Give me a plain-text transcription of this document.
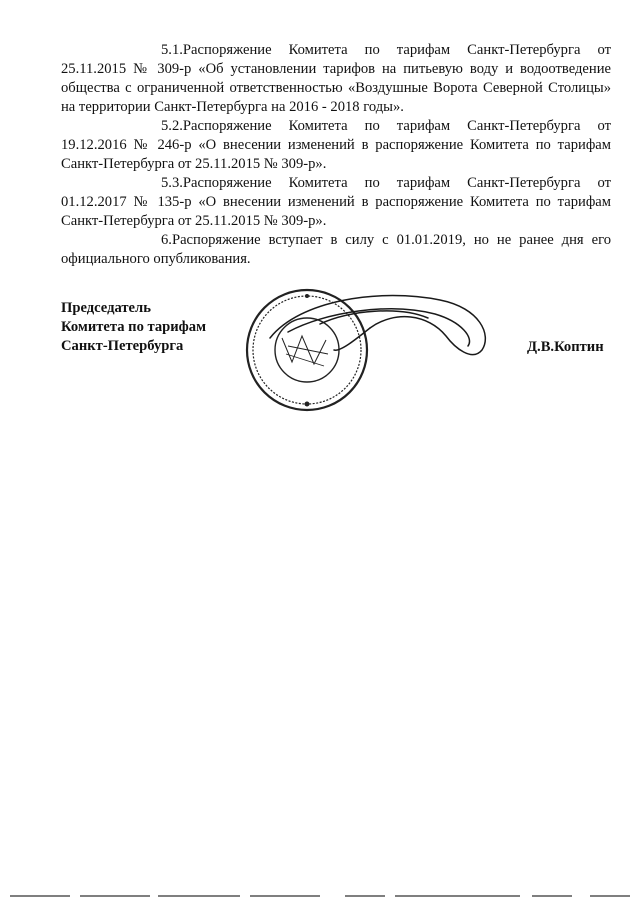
5.1.Распоряжение Комитета по тарифам Санкт-Петербурга от 25.11.2015 № 309-р «Об установлении тарифов на питьевую воду и водоотведение общества с ограниченной ответственностью «Воздушные Ворота Северной Столицы» на территории Санкт-Петербурга на 2016 - 2018 годы».

5.2.Распоряжение Комитета по тарифам Санкт-Петербурга от 19.12.2016 № 246-р «О внесении изменений в распоряжение Комитета по тарифам Санкт-Петербурга от 25.11.2015 № 309-р».

5.3.Распоряжение Комитета по тарифам Санкт-Петербурга от 01.12.2017 № 135-р «О внесении изменений в распоряжение Комитета по тарифам Санкт-Петербурга от 25.11.2015 № 309-р».

6.Распоряжение вступает в силу с 01.01.2019, но не ранее дня его официального опубликования.

Председатель

Комитета по тарифам

Санкт-Петербурга	Д.В.Коптин
